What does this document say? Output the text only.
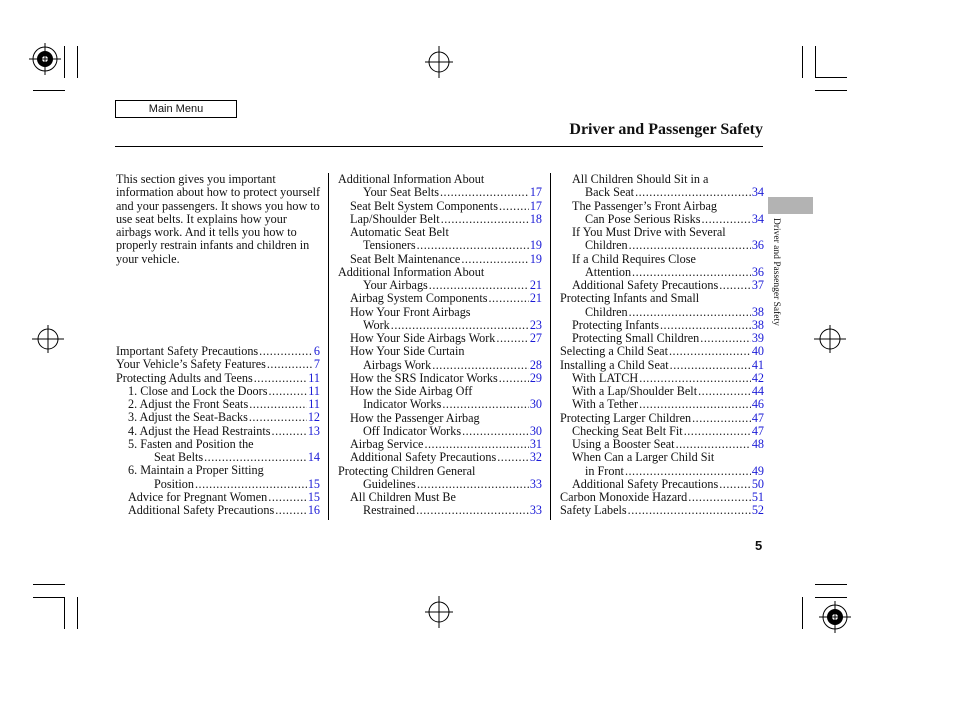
Main Menu
Driver and Passenger Safety
Driver and Passenger Safety
This section gives you important information about how to protect yourself and your passengers. It shows you how to use seat belts. It explains how your airbags work. And it tells you how to properly restrain infants and children in your vehicle.
Important Safety Precautions .....	6
Your Vehicle’s Safety Features .....	7
Protecting Adults and Teens .....	11
1. Close and Lock the Doors .....	11
2. Adjust the Front Seats .....	11
3. Adjust the Seat-Backs .....	12
4. Adjust the Head Restraints .....	13
5. Fasten and Position the
Seat Belts .....	14
6. Maintain a Proper Sitting
Position .....	15
Advice for Pregnant Women .....	15
Additional Safety Precautions .....	16
Additional Information About
Your Seat Belts .....	17
Seat Belt System Components .....	17
Lap/Shoulder Belt .....	18
Automatic Seat Belt
Tensioners .....	19
Seat Belt Maintenance .....	19
Additional Information About
Your Airbags .....	21
Airbag System Components .....	21
How Your Front Airbags
Work .....	23
How Your Side Airbags Work .....	27
How Your Side Curtain
Airbags Work .....	28
How the SRS Indicator Works .....	29
How the Side Airbag Off
Indicator Works .....	30
How the Passenger Airbag
Off Indicator Works .....	30
Airbag Service .....	31
Additional Safety Precautions .....	32
Protecting Children General
Guidelines .....	33
All Children Must Be
Restrained .....	33
All Children Should Sit in a
Back Seat .....	34
The Passenger’s Front Airbag
Can Pose Serious Risks .....	34
If You Must Drive with Several
Children .....	36
If a Child Requires Close
Attention .....	36
Additional Safety Precautions .....	37
Protecting Infants and Small
Children .....	38
Protecting Infants .....	38
Protecting Small Children .....	39
Selecting a Child Seat .....	40
Installing a Child Seat .....	41
With LATCH .....	42
With a Lap/Shoulder Belt .....	44
With a Tether .....	46
Protecting Larger Children .....	47
Checking Seat Belt Fit .....	47
Using a Booster Seat .....	48
When Can a Larger Child Sit
in Front .....	49
Additional Safety Precautions .....	50
Carbon Monoxide Hazard .....	51
Safety Labels .....	52
5
